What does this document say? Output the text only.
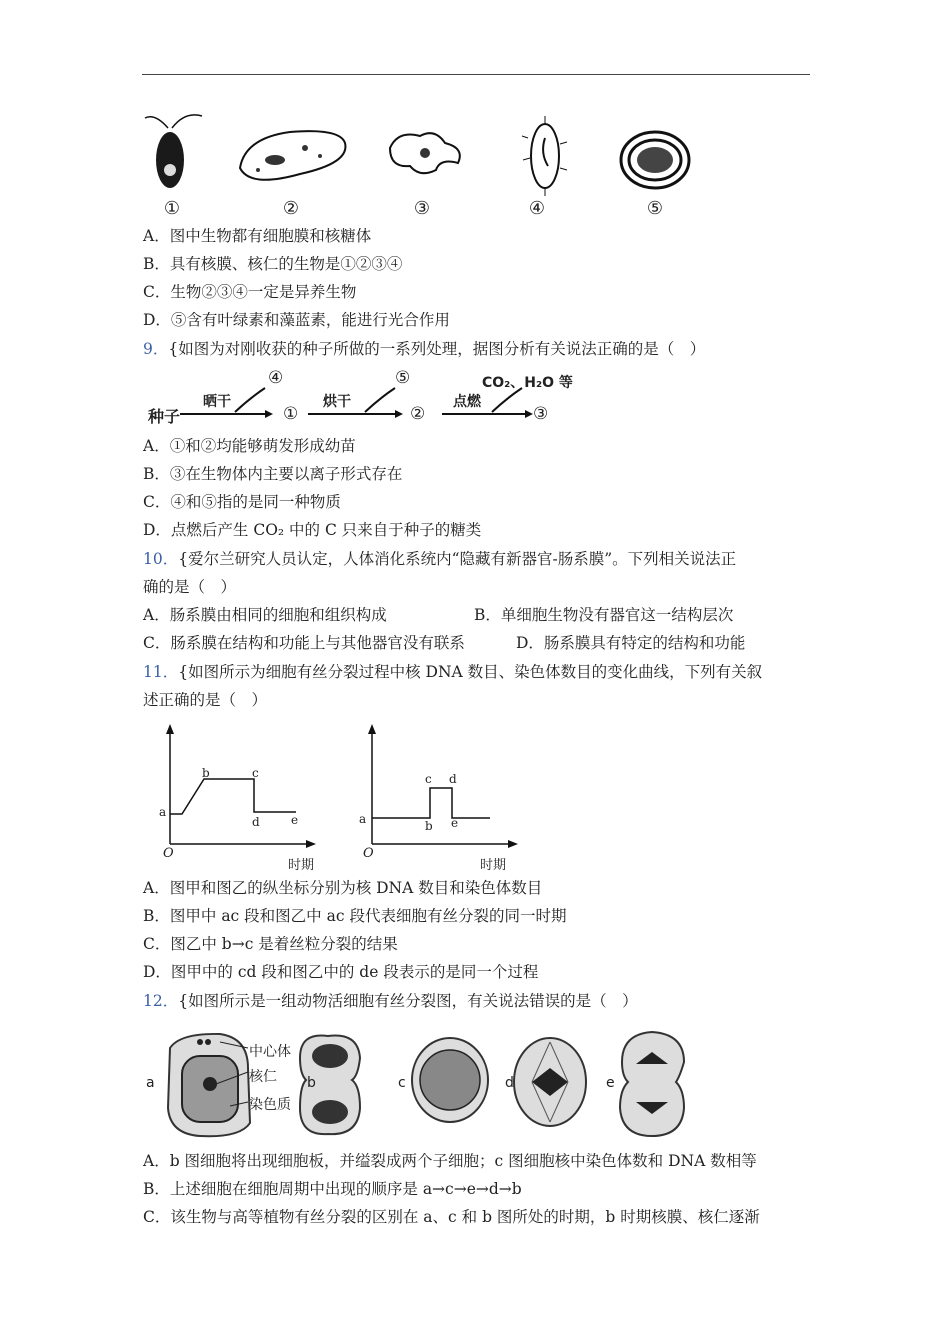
①	②	③	④	⑤
A．图中生物都有细胞膜和核糖体
B．具有核膜、核仁的生物是①②③④
C．生物②③④一定是异养生物
D．⑤含有叶绿素和藻蓝素，能进行光合作用
9．{如图为对刚收获的种子所做的一系列处理，据图分析有关说法正确的是（　）
种子
晒干	烘干	点燃
④
①
⑤
②
CO₂、H₂O 等
③
A．①和②均能够萌发形成幼苗
B．③在生物体内主要以离子形式存在
C．④和⑤指的是同一种物质
D．点燃后产生 CO₂ 中的 C 只来自于种子的糖类
10．{爱尔兰研究人员认定，人体消化系统内“隐藏有新器官-肠系膜”。下列相关说法正
确的是（　）
A．肠系膜由相同的细胞和组织构成	B．单细胞生物没有器官这一结构层次
C．肠系膜在结构和功能上与其他器官没有联系	D．肠系膜具有特定的结构和功能
11．{如图所示为细胞有丝分裂过程中核 DNA 数目、染色体数目的变化曲线，下列有关叙
述正确的是（　）
a
b	c
d	e
O
时期
a	b
c d
e
O
时期
A．图甲和图乙的纵坐标分别为核 DNA 数目和染色体数目
B．图甲中 ac 段和图乙中 ac 段代表细胞有丝分裂的同一时期
C．图乙中 b→c 是着丝粒分裂的结果
D．图甲中的 cd 段和图乙中的 de 段表示的是同一个过程
12．{如图所示是一组动物活细胞有丝分裂图，有关说法错误的是（　）
a	b	c	d	e
中心体
核仁
染色质
A．b 图细胞将出现细胞板，并缢裂成两个子细胞；c 图细胞核中染色体数和 DNA 数相等
B．上述细胞在细胞周期中出现的顺序是 a→c→e→d→b
C．该生物与高等植物有丝分裂的区别在 a、c 和 b 图所处的时期，b 时期核膜、核仁逐渐
